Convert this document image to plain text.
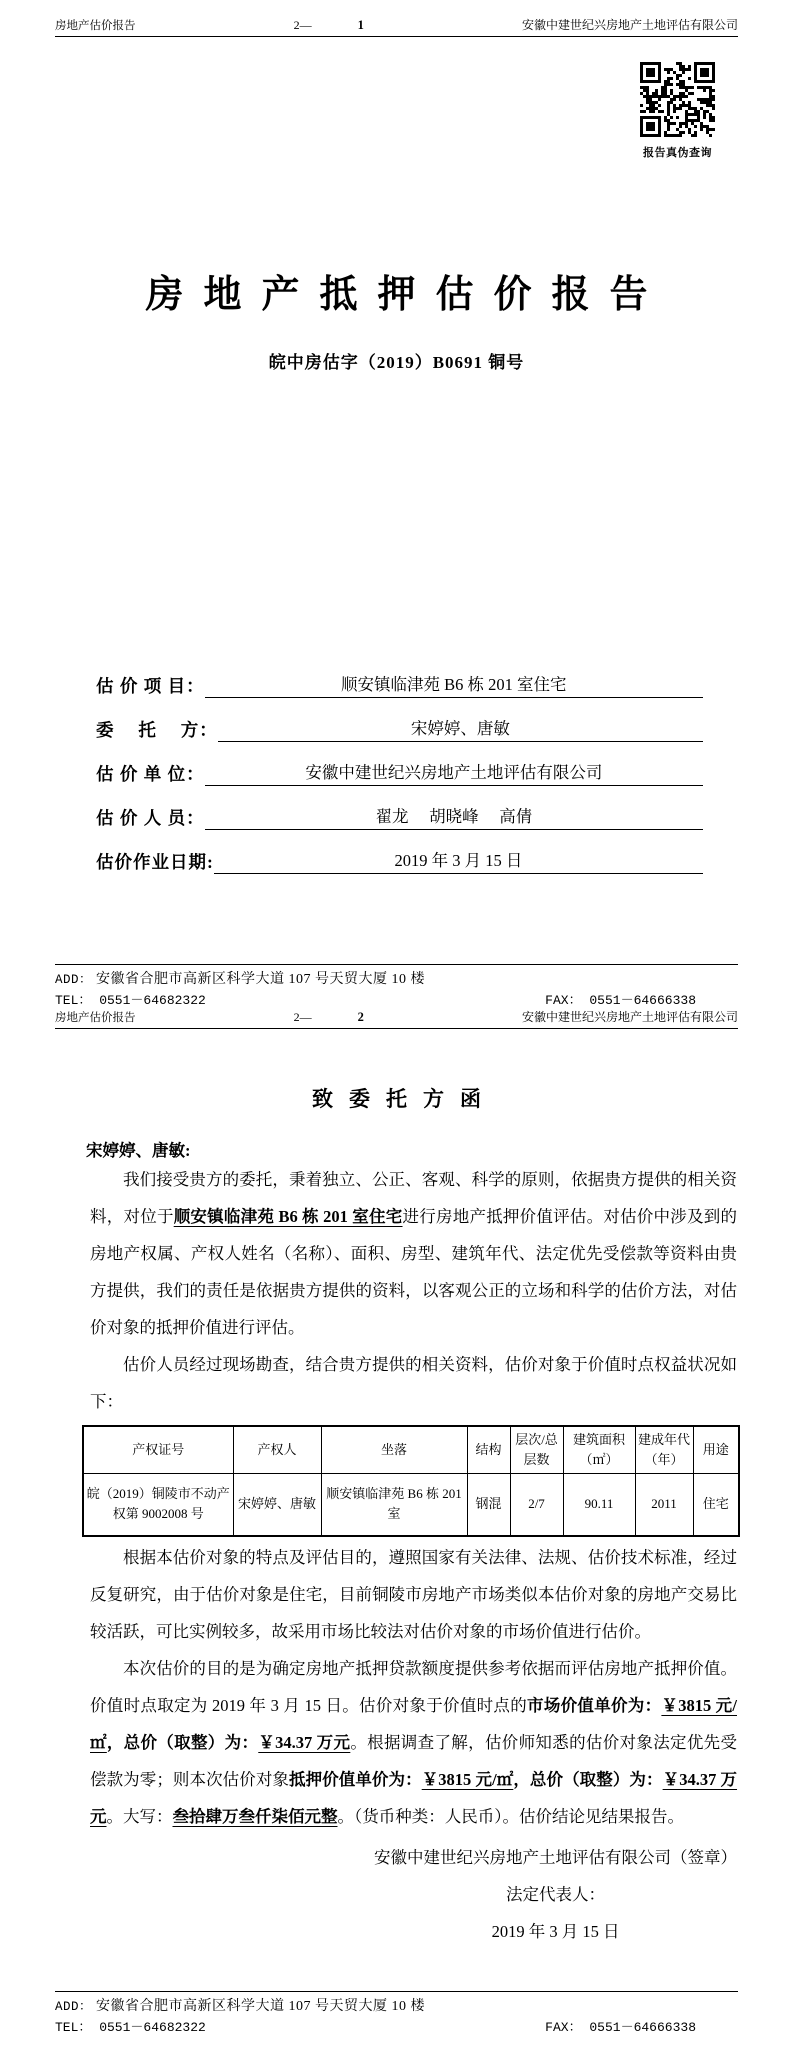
房地产估价报告	2—	1	安徽中建世纪兴房地产土地评估有限公司
报告真伪查询
房地产抵押估价报告
皖中房估字（2019）B0691 铜号
估 价 项 目：	顺安镇临津苑 B6 栋 201 室住宅
委　 托　 方：	宋婷婷、唐敏
估 价 单 位：	安徽中建世纪兴房地产土地评估有限公司
估 价 人 员：	翟龙　 胡晓峰　 高倩
估价作业日期:	2019 年 3 月 15 日
ADD： 安徽省合肥市高新区科学大道 107 号天贸大厦 10 楼
TEL： 0551－64682322	FAX： 0551－64666338
房地产估价报告	2—	2	安徽中建世纪兴房地产土地评估有限公司
致委托方函
宋婷婷、唐敏:

我们接受贵方的委托，秉着独立、公正、客观、科学的原则，依据贵方提供的相关资料，对位于顺安镇临津苑 B6 栋 201 室住宅进行房地产抵押价值评估。对估价中涉及到的房地产权属、产权人姓名（名称）、面积、房型、建筑年代、法定优先受偿款等资料由贵方提供，我们的责任是依据贵方提供的资料，以客观公正的立场和科学的估价方法，对估价对象的抵押价值进行评估。

估价人员经过现场勘查，结合贵方提供的相关资料，估价对象于价值时点权益状况如下：

产权证号	产权人	坐落	结构	层次/总层数	建筑面积（㎡）	建成年代（年）	用途
皖（2019）铜陵市不动产权第 9002008 号	宋婷婷、唐敏	顺安镇临津苑 B6 栋 201 室	钢混	2/7	90.11	2011	住宅

根据本估价对象的特点及评估目的，遵照国家有关法律、法规、估价技术标准，经过反复研究，由于估价对象是住宅，目前铜陵市房地产市场类似本估价对象的房地产交易比较活跃，可比实例较多，故采用市场比较法对估价对象的市场价值进行估价。

本次估价的目的是为确定房地产抵押贷款额度提供参考依据而评估房地产抵押价值。价值时点取定为 2019 年 3 月 15 日。估价对象于价值时点的市场价值单价为：￥3815 元/㎡，总价（取整）为：￥34.37 万元。根据调查了解，估价师知悉的估价对象法定优先受偿款为零；则本次估价对象抵押价值单价为：￥3815 元/㎡，总价（取整）为：￥34.37 万元。大写：叁拾肆万叁仟柒佰元整。（货币种类：人民币）。估价结论见结果报告。

安徽中建世纪兴房地产土地评估有限公司（签章）
法定代表人：
2019 年 3 月 15 日
ADD： 安徽省合肥市高新区科学大道 107 号天贸大厦 10 楼
TEL： 0551－64682322	FAX： 0551－64666338
